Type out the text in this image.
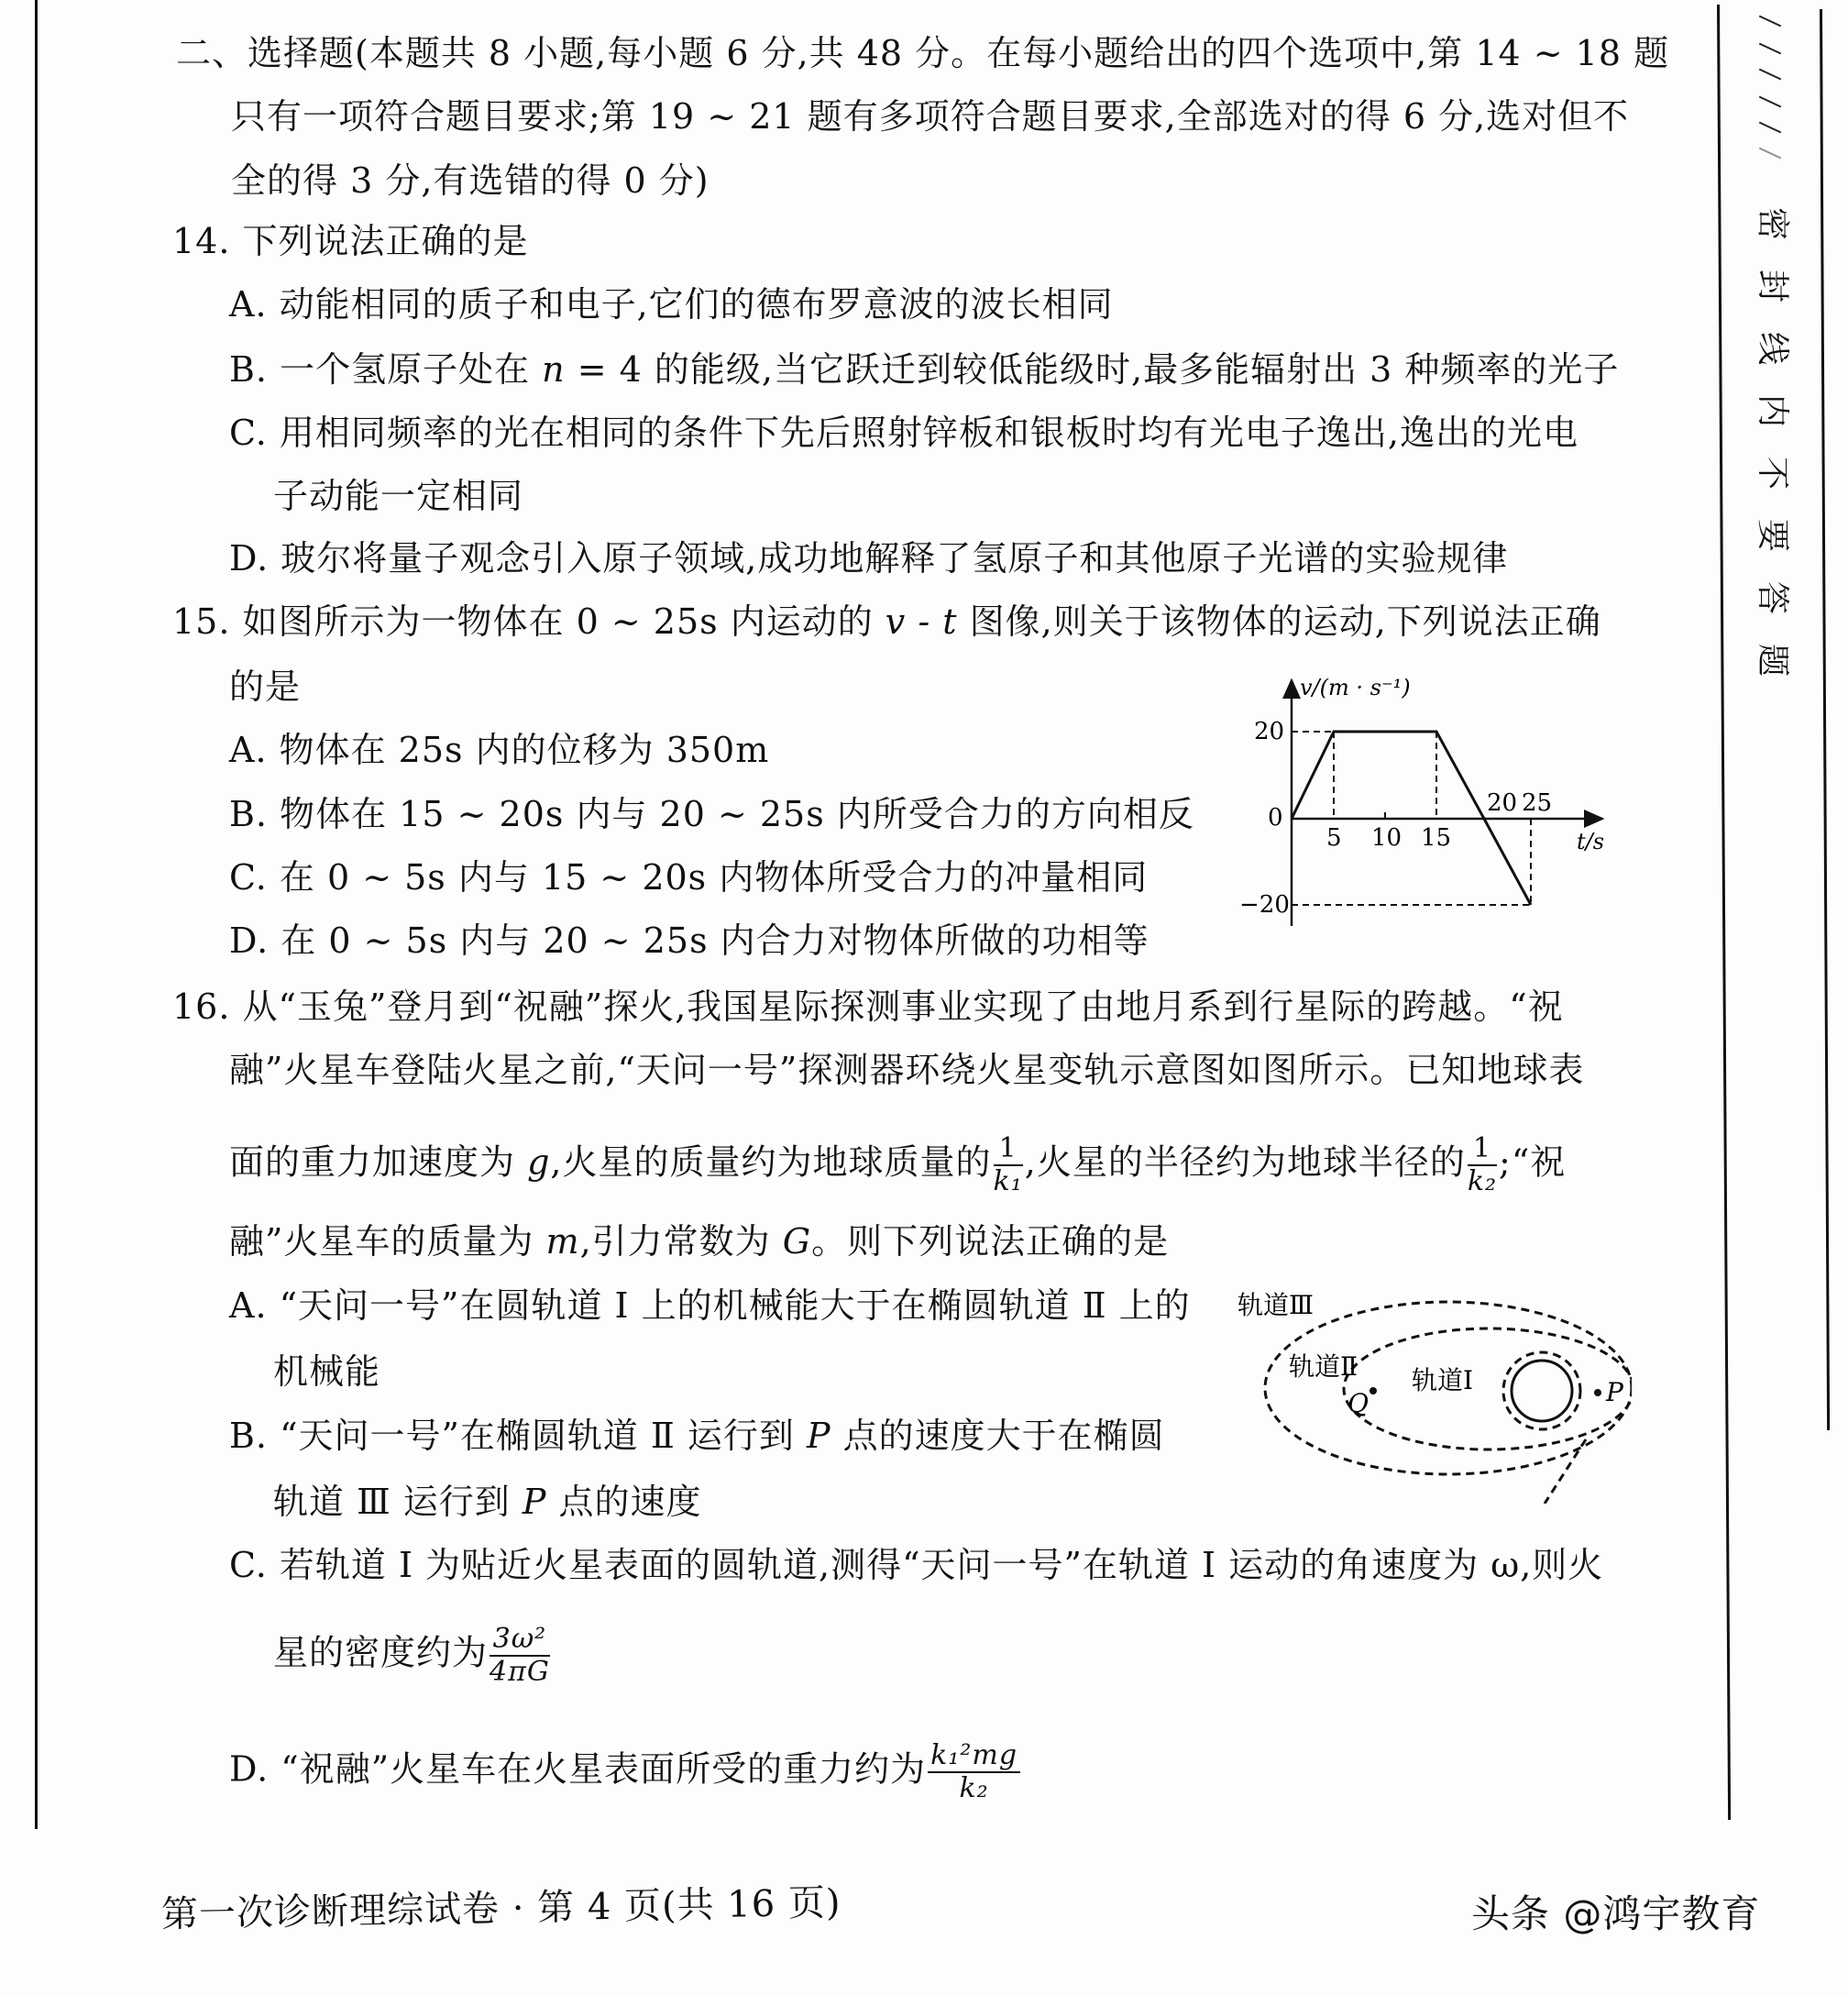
密
封
线
内
不
要
答
题
二、选择题(本题共 8 小题,每小题 6 分,共 48 分。在每小题给出的四个选项中,第 14 ~ 18 题
只有一项符合题目要求;第 19 ~ 21 题有多项符合题目要求,全部选对的得 6 分,选对但不
全的得 3 分,有选错的得 0 分)
14. 下列说法正确的是
A. 动能相同的质子和电子,它们的德布罗意波的波长相同
B. 一个氢原子处在 n = 4 的能级,当它跃迁到较低能级时,最多能辐射出 3 种频率的光子
C. 用相同频率的光在相同的条件下先后照射锌板和银板时均有光电子逸出,逸出的光电
子动能一定相同
D. 玻尔将量子观念引入原子领域,成功地解释了氢原子和其他原子光谱的实验规律
15. 如图所示为一物体在 0 ~ 25s 内运动的 v - t 图像,则关于该物体的运动,下列说法正确
的是
A. 物体在 25s 内的位移为 350m
B. 物体在 15 ~ 20s 内与 20 ~ 25s 内所受合力的方向相反
C. 在 0 ~ 5s 内与 15 ~ 20s 内物体所受合力的冲量相同
D. 在 0 ~ 5s 内与 20 ~ 25s 内合力对物体所做的功相等
v/(m · s⁻¹)
20
0
−20
5 10 15
20 25
t/s
16. 从“玉兔”登月到“祝融”探火,我国星际探测事业实现了由地月系到行星际的跨越。“祝
融”火星车登陆火星之前,“天问一号”探测器环绕火星变轨示意图如图所示。已知地球表
面的重力加速度为 g,火星的质量约为地球质量的 $\frac{1}{\text{k₁}}$ ,火星的半径约为地球半径的 $\frac{1}{\text{k₂}}$ ;“祝
融”火星车的质量为 m,引力常数为 G。则下列说法正确的是
A. “天问一号”在圆轨道 Ⅰ 上的机械能大于在椭圆轨道 Ⅱ 上的
机械能
B. “天问一号”在椭圆轨道 Ⅱ 运行到 P 点的速度大于在椭圆
轨道 Ⅲ 运行到 P 点的速度
C. 若轨道 Ⅰ 为贴近火星表面的圆轨道,测得“天问一号”在轨道 Ⅰ 运动的角速度为 ω,则火
星的密度约为 $\frac{\text{3ω²}}{4\pi G}$
D. “祝融”火星车在火星表面所受的重力约为 $\frac{\text{k₁²mg}}{\text{k₂}}$
轨道Ⅲ
轨道Ⅱ 轨道Ⅰ
Q	P
第一次诊断理综试卷 · 第 4 页(共 16 页)	头条 @鸿宇教育
